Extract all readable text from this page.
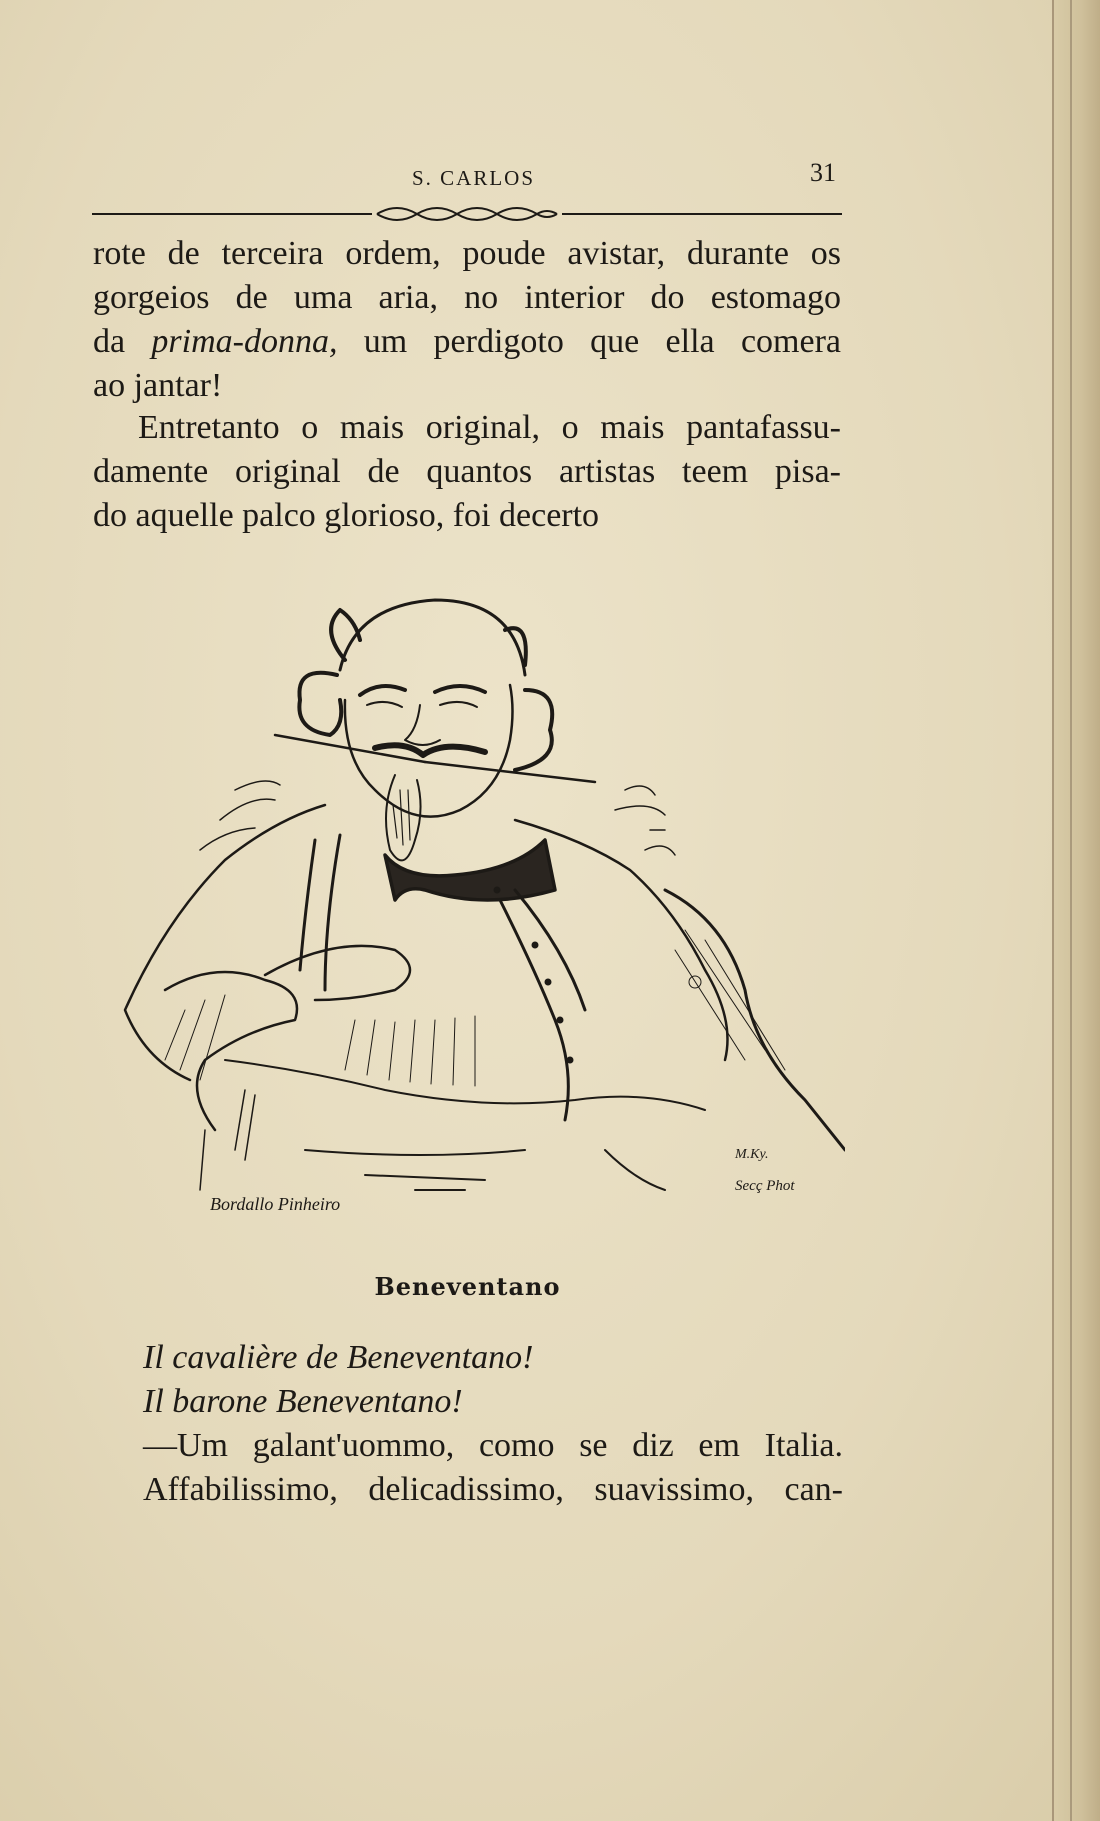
S. CARLOS	31
rote de terceira ordem, poude avistar, durante os
gorgeios de uma aria, no interior do estomago
da prima-donna, um perdigoto que ella comera
ao jantar!
Entretanto o mais original, o mais pantafassu-
damente original de quantos artistas teem pisa-
do aquelle palco glorioso, foi decerto
Bordallo Pinheiro
Secç Phot
M.Ky.
Beneventano
Il cavalière de Beneventano!
Il barone Beneventano!
—Um galant'uommo, como se diz em Italia.
Affabilissimo, delicadissimo, suavissimo, can-
